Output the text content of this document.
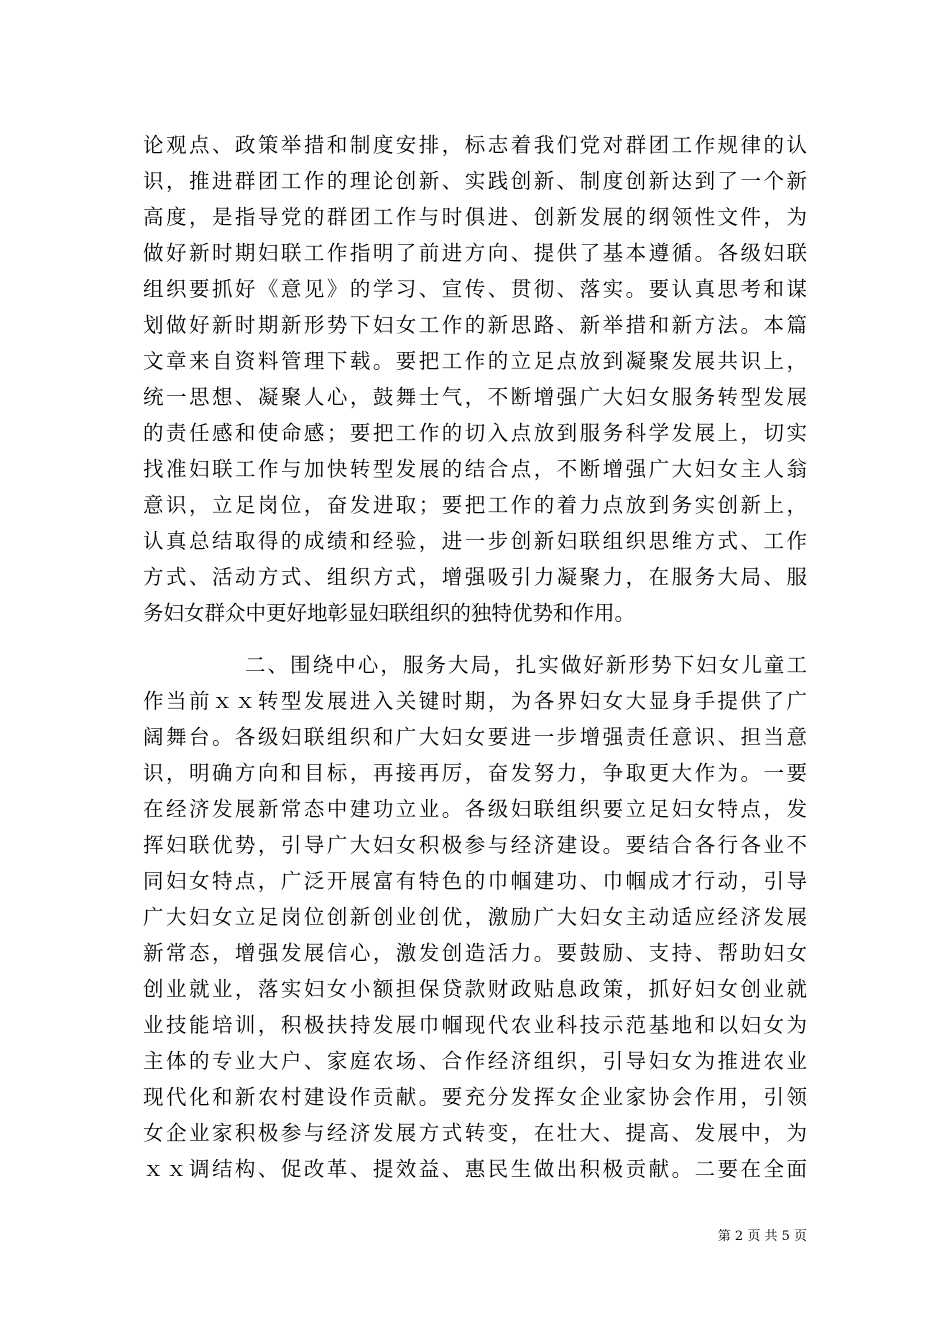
论观点、政策举措和制度安排，标志着我们党对群团工作规律的认
识，推进群团工作的理论创新、实践创新、制度创新达到了一个新
高度，是指导党的群团工作与时俱进、创新发展的纲领性文件，为
做好新时期妇联工作指明了前进方向、提供了基本遵循。各级妇联
组织要抓好《意见》的学习、宣传、贯彻、落实。要认真思考和谋
划做好新时期新形势下妇女工作的新思路、新举措和新方法。本篇
文章来自资料管理下载。要把工作的立足点放到凝聚发展共识上，
统一思想、凝聚人心，鼓舞士气，不断增强广大妇女服务转型发展
的责任感和使命感；要把工作的切入点放到服务科学发展上，切实
找准妇联工作与加快转型发展的结合点，不断增强广大妇女主人翁
意识，立足岗位，奋发进取；要把工作的着力点放到务实创新上，
认真总结取得的成绩和经验，进一步创新妇联组织思维方式、工作
方式、活动方式、组织方式，增强吸引力凝聚力，在服务大局、服
务妇女群众中更好地彰显妇联组织的独特优势和作用。
二、围绕中心，服务大局，扎实做好新形势下妇女儿童工
作当前ｘｘ转型发展进入关键时期，为各界妇女大显身手提供了广
阔舞台。各级妇联组织和广大妇女要进一步增强责任意识、担当意
识，明确方向和目标，再接再厉，奋发努力，争取更大作为。一要
在经济发展新常态中建功立业。各级妇联组织要立足妇女特点，发
挥妇联优势，引导广大妇女积极参与经济建设。要结合各行各业不
同妇女特点，广泛开展富有特色的巾帼建功、巾帼成才行动，引导
广大妇女立足岗位创新创业创优，激励广大妇女主动适应经济发展
新常态，增强发展信心，激发创造活力。要鼓励、支持、帮助妇女
创业就业，落实妇女小额担保贷款财政贴息政策，抓好妇女创业就
业技能培训，积极扶持发展巾帼现代农业科技示范基地和以妇女为
主体的专业大户、家庭农场、合作经济组织，引导妇女为推进农业
现代化和新农村建设作贡献。要充分发挥女企业家协会作用，引领
女企业家积极参与经济发展方式转变，在壮大、提高、发展中，为
ｘｘ调结构、促改革、提效益、惠民生做出积极贡献。二要在全面
第 2 页 共 5 页
